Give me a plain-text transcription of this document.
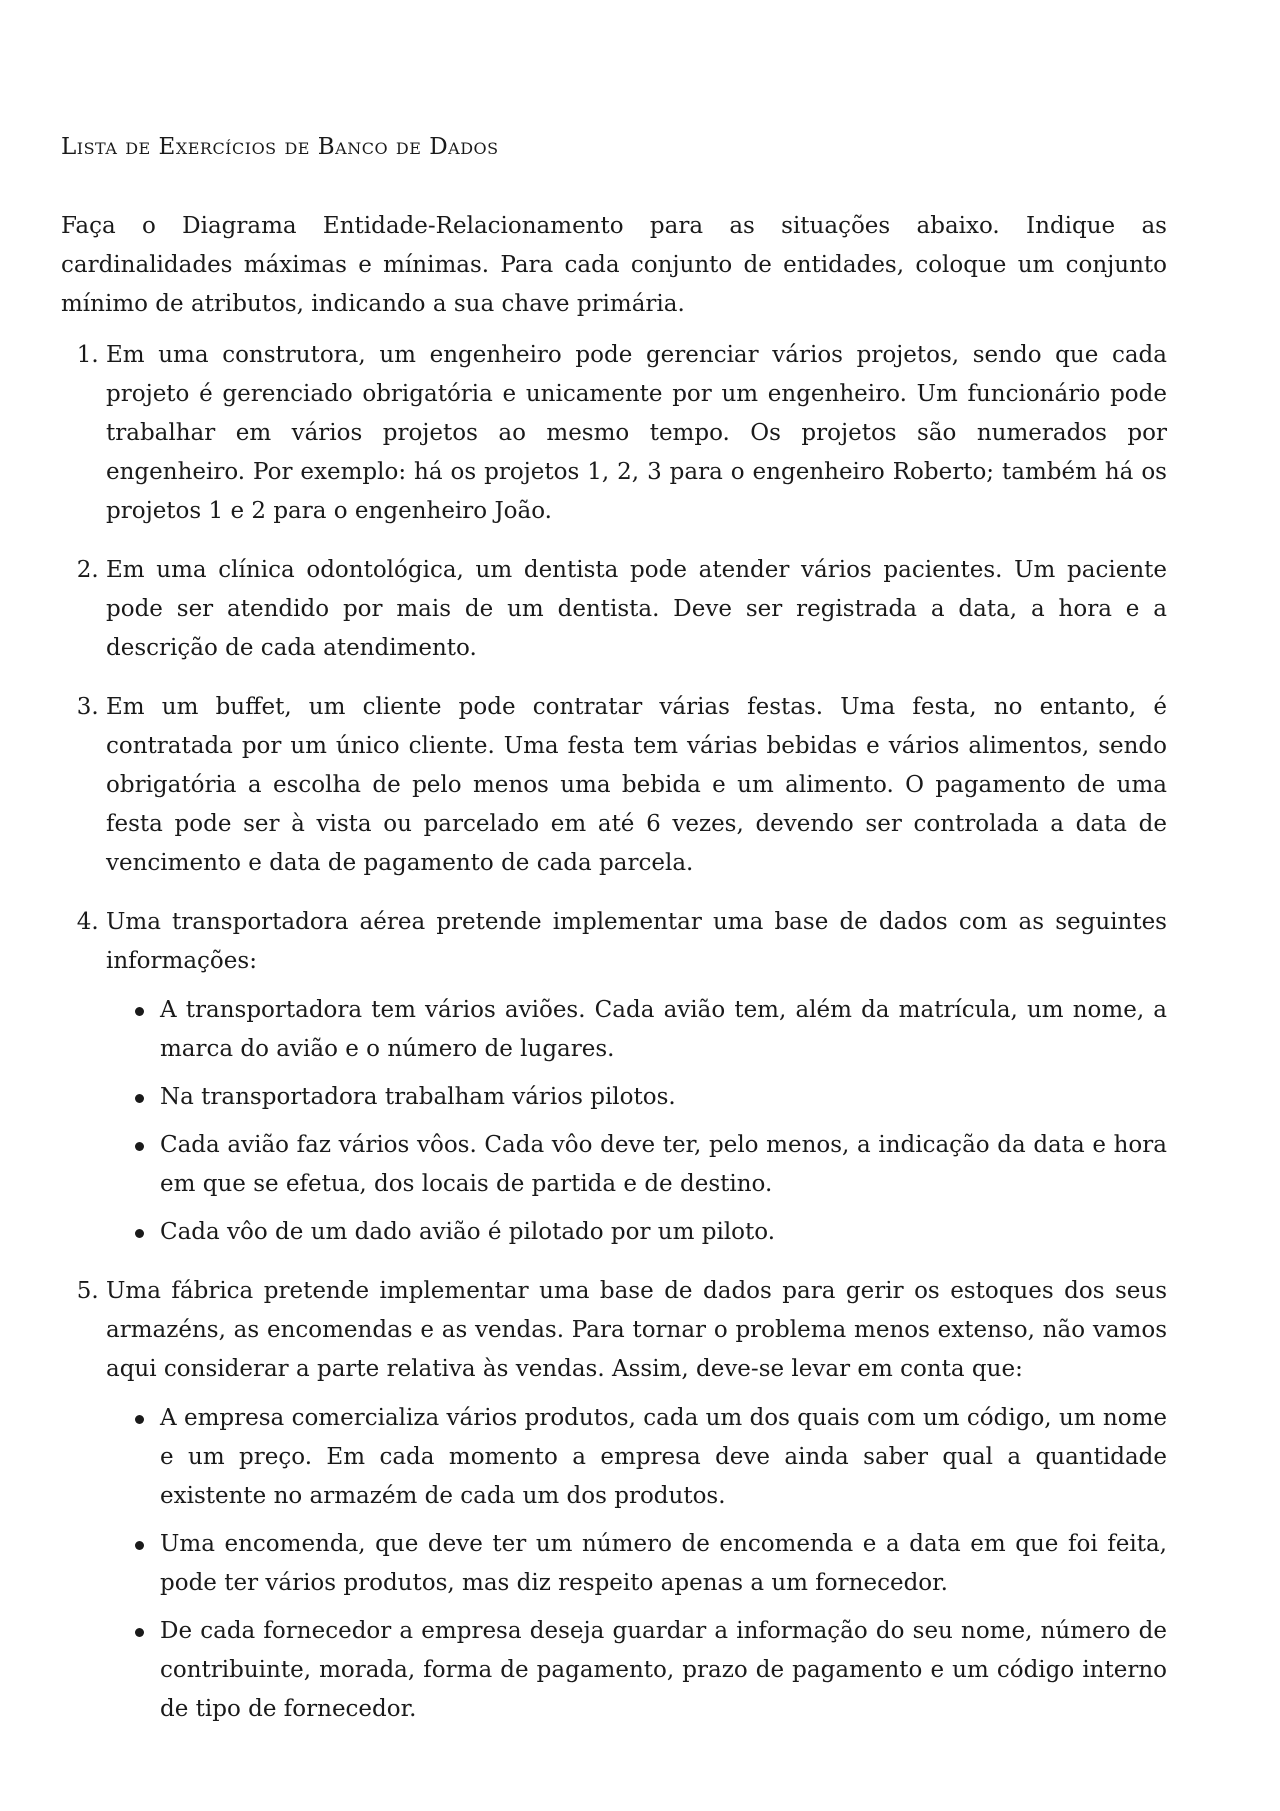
Lista de Exercícios de Banco de Dados

Faça o Diagrama Entidade-Relacionamento para as situações abaixo. Indique as cardinalidades máximas e mínimas. Para cada conjunto de entidades, coloque um conjunto mínimo de atributos, indicando a sua chave primária.

1. Em uma construtora, um engenheiro pode gerenciar vários projetos, sendo que cada projeto é gerenciado obrigatória e unicamente por um engenheiro. Um funcionário pode trabalhar em vários projetos ao mesmo tempo. Os projetos são numerados por engenheiro. Por exemplo: há os projetos 1, 2, 3 para o engenheiro Roberto; também há os projetos 1 e 2 para o engenheiro João.
2. Em uma clínica odontológica, um dentista pode atender vários pacientes. Um paciente pode ser atendido por mais de um dentista. Deve ser registrada a data, a hora e a descrição de cada atendimento.
3. Em um buffet, um cliente pode contratar várias festas. Uma festa, no entanto, é contratada por um único cliente. Uma festa tem várias bebidas e vários alimentos, sendo obrigatória a escolha de pelo menos uma bebida e um alimento. O pagamento de uma festa pode ser à vista ou parcelado em até 6 vezes, devendo ser controlada a data de vencimento e data de pagamento de cada parcela.
4. Uma transportadora aérea pretende implementar uma base de dados com as seguintes informações:
A transportadora tem vários aviões. Cada avião tem, além da matrícula, um nome, a marca do avião e o número de lugares.
Na transportadora trabalham vários pilotos.
Cada avião faz vários vôos. Cada vôo deve ter, pelo menos, a indicação da data e hora em que se efetua, dos locais de partida e de destino.
Cada vôo de um dado avião é pilotado por um piloto.
5. Uma fábrica pretende implementar uma base de dados para gerir os estoques dos seus armazéns, as encomendas e as vendas. Para tornar o problema menos extenso, não vamos aqui considerar a parte relativa às vendas. Assim, deve-se levar em conta que:
A empresa comercializa vários produtos, cada um dos quais com um código, um nome e um preço. Em cada momento a empresa deve ainda saber qual a quantidade existente no armazém de cada um dos produtos.
Uma encomenda, que deve ter um número de encomenda e a data em que foi feita, pode ter vários produtos, mas diz respeito apenas a um fornecedor.
De cada fornecedor a empresa deseja guardar a informação do seu nome, número de contribuinte, morada, forma de pagamento, prazo de pagamento e um código interno de tipo de fornecedor.
